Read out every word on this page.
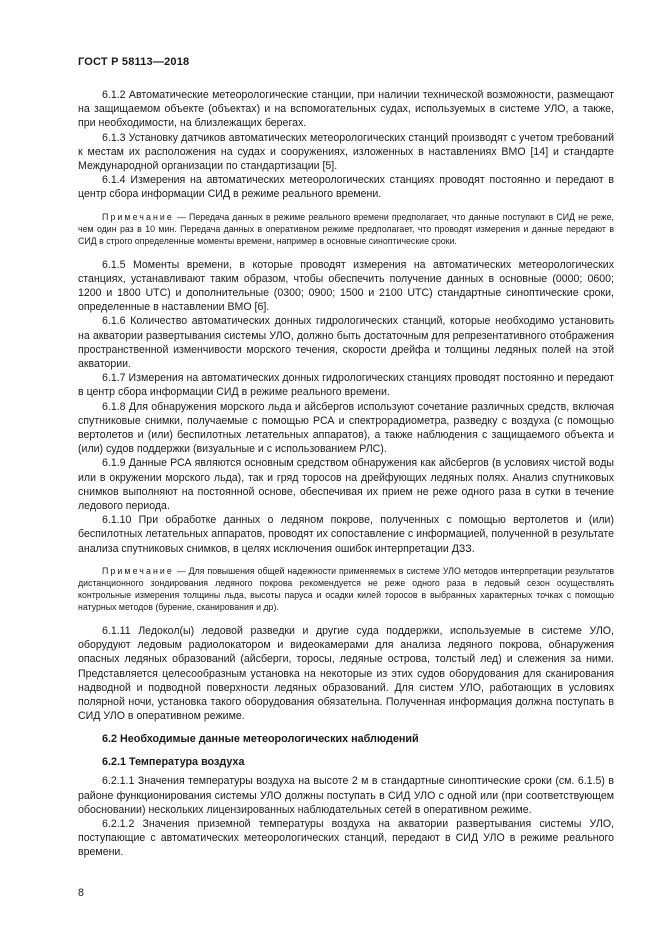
ГОСТ Р 58113—2018

6.1.2 Автоматические метеорологические станции, при наличии технической возможности, размещают на защищаемом объекте (объектах) и на вспомогательных судах, используемых в системе УЛО, а также, при необходимости, на близлежащих берегах.

6.1.3 Установку датчиков автоматических метеорологических станций производят с учетом требований к местам их расположения на судах и сооружениях, изложенных в наставлениях ВМО [14] и стандарте Международной организации по стандартизации [5].

6.1.4 Измерения на автоматических метеорологических станциях проводят постоянно и передают в центр сбора информации СИД в режиме реального времени.

Примечание — Передача данных в режиме реального времени предполагает, что данные поступают в СИД не реже, чем один раз в 10 мин. Передача данных в оперативном режиме предполагает, что проводят измерения и данные передают в СИД в строго определенные моменты времени, например в основные синоптические сроки.

6.1.5 Моменты времени, в которые проводят измерения на автоматических метеорологических станциях, устанавливают таким образом, чтобы обеспечить получение данных в основные (0000; 0600; 1200 и 1800 UTC) и дополнительные (0300; 0900; 1500 и 2100 UTC) стандартные синоптические сроки, определенные в наставлении ВМО [6].

6.1.6 Количество автоматических донных гидрологических станций, которые необходимо установить на акватории развертывания системы УЛО, должно быть достаточным для репрезентативного отображения пространственной изменчивости морского течения, скорости дрейфа и толщины ледяных полей на этой акватории.

6.1.7 Измерения на автоматических донных гидрологических станциях проводят постоянно и передают в центр сбора информации СИД в режиме реального времени.

6.1.8 Для обнаружения морского льда и айсбергов используют сочетание различных средств, включая спутниковые снимки, получаемые с помощью РСА и спектрорадиометра, разведку с воздуха (с помощью вертолетов и (или) беспилотных летательных аппаратов), а также наблюдения с защищаемого объекта и (или) судов поддержки (визуальные и с использованием РЛС).

6.1.9 Данные РСА являются основным средством обнаружения как айсбергов (в условиях чистой воды или в окружении морского льда), так и гряд торосов на дрейфующих ледяных полях. Анализ спутниковых снимков выполняют на постоянной основе, обеспечивая их прием не реже одного раза в сутки в течение ледового периода.

6.1.10 При обработке данных о ледяном покрове, полученных с помощью вертолетов и (или) беспилотных летательных аппаратов, проводят их сопоставление с информацией, полученной в результате анализа спутниковых снимков, в целях исключения ошибок интерпретации ДЗЗ.

Примечание — Для повышения общей надежности применяемых в системе УЛО методов интерпретации результатов дистанционного зондирования ледяного покрова рекомендуется не реже одного раза в ледовый сезон осуществлять контрольные измерения толщины льда, высоты паруса и осадки килей торосов в выбранных характерных точках с помощью натурных методов (бурение, сканирования и др).

6.1.11 Ледокол(ы) ледовой разведки и другие суда поддержки, используемые в системе УЛО, оборудуют ледовым радиолокатором и видеокамерами для анализа ледяного покрова, обнаружения опасных ледяных образований (айсберги, торосы, ледяные острова, толстый лед) и слежения за ними. Представляется целесообразным установка на некоторые из этих судов оборудования для сканирования надводной и подводной поверхности ледяных образований. Для систем УЛО, работающих в условиях полярной ночи, установка такого оборудования обязательна. Полученная информация должна поступать в СИД УЛО в оперативном режиме.

6.2 Необходимые данные метеорологических наблюдений

6.2.1 Температура воздуха

6.2.1.1 Значения температуры воздуха на высоте 2 м в стандартные синоптические сроки (см. 6.1.5) в районе функционирования системы УЛО должны поступать в СИД УЛО с одной или (при соответствующем обосновании) нескольких лицензированных наблюдательных сетей в оперативном режиме.

6.2.1.2 Значения приземной температуры воздуха на акватории развертывания системы УЛО, поступающие с автоматических метеорологических станций, передают в СИД УЛО в режиме реального времени.

8
